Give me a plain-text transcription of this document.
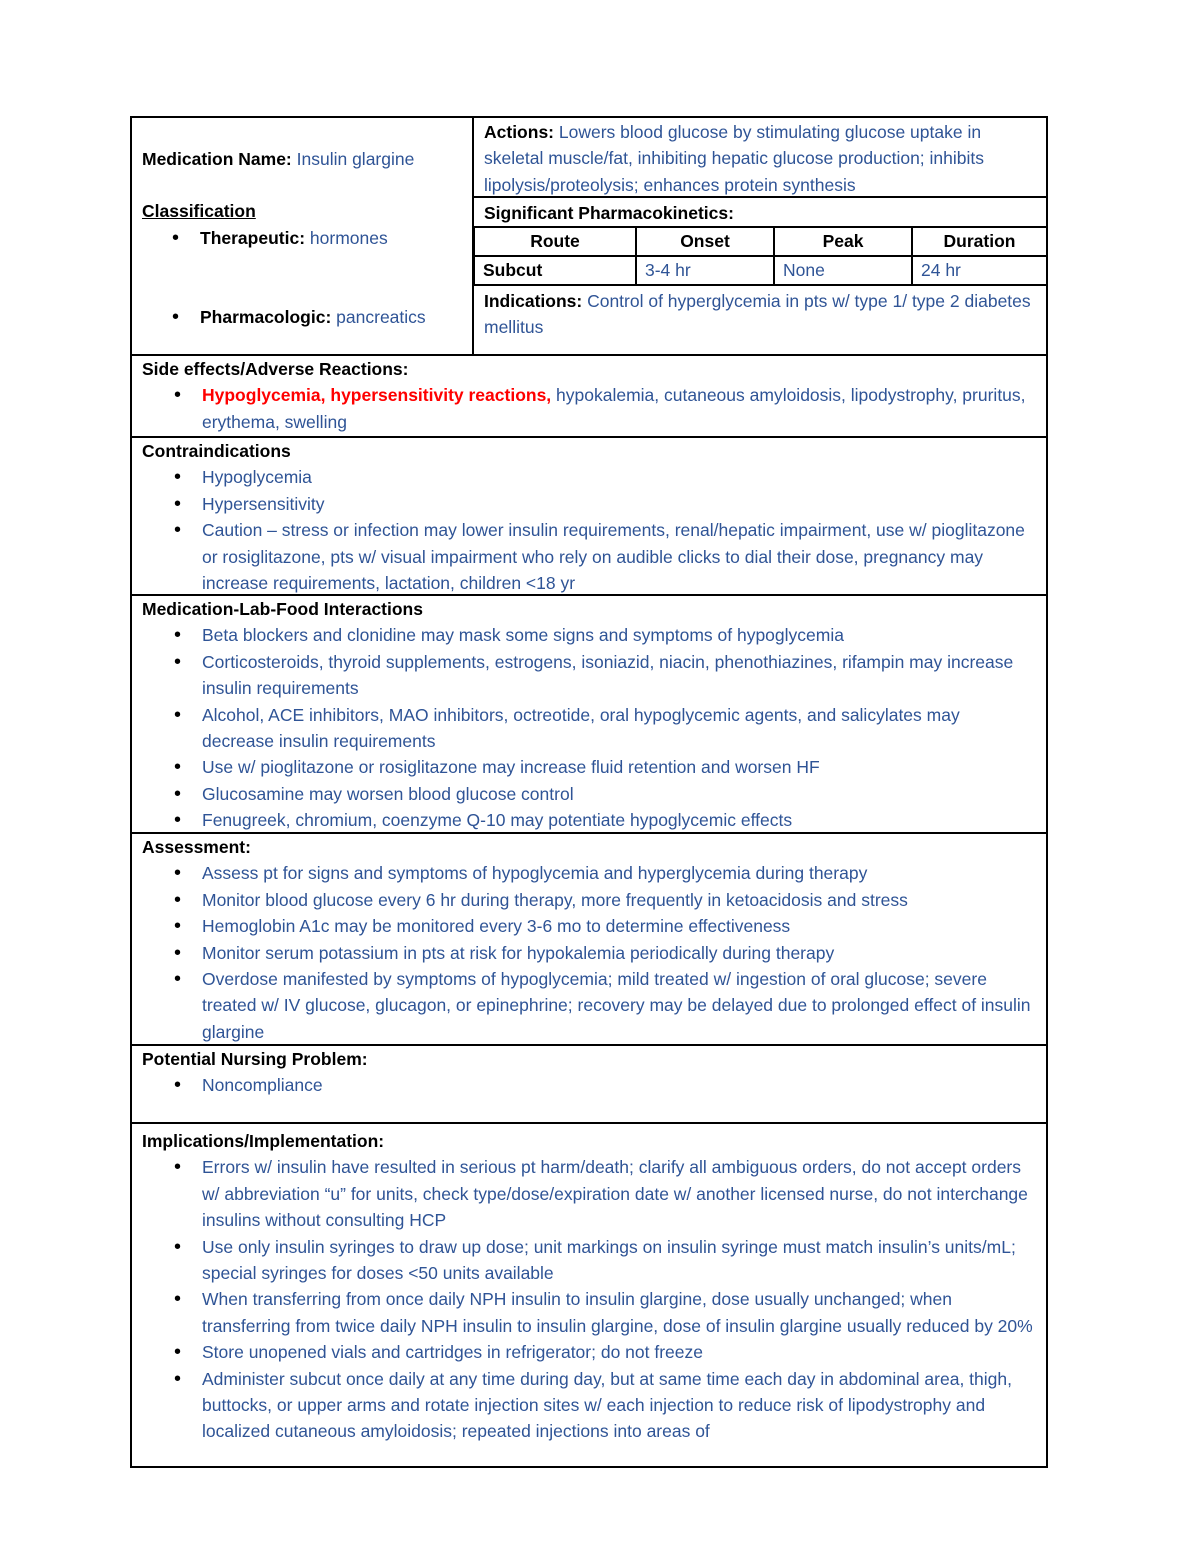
Medication Name: Insulin glargine
Classification
• Therapeutic: hormones
• Pharmacologic: pancreatics
Actions: Lowers blood glucose by stimulating glucose uptake in skeletal muscle/fat, inhibiting hepatic glucose production; inhibits lipolysis/proteolysis; enhances protein synthesis
Significant Pharmacokinetics:
Route	Onset	Peak	Duration
Subcut	3-4 hr	None	24 hr
Indications: Control of hyperglycemia in pts w/ type 1/ type 2 diabetes mellitus
Side effects/Adverse Reactions:
• Hypoglycemia, hypersensitivity reactions, hypokalemia, cutaneous amyloidosis, lipodystrophy, pruritus, erythema, swelling
Contraindications
• Hypoglycemia
• Hypersensitivity
• Caution – stress or infection may lower insulin requirements, renal/hepatic impairment, use w/ pioglitazone or rosiglitazone, pts w/ visual impairment who rely on audible clicks to dial their dose, pregnancy may increase requirements, lactation, children <18 yr
Medication-Lab-Food Interactions
• Beta blockers and clonidine may mask some signs and symptoms of hypoglycemia
• Corticosteroids, thyroid supplements, estrogens, isoniazid, niacin, phenothiazines, rifampin may increase insulin requirements
• Alcohol, ACE inhibitors, MAO inhibitors, octreotide, oral hypoglycemic agents, and salicylates may decrease insulin requirements
• Use w/ pioglitazone or rosiglitazone may increase fluid retention and worsen HF
• Glucosamine may worsen blood glucose control
• Fenugreek, chromium, coenzyme Q-10 may potentiate hypoglycemic effects
Assessment:
• Assess pt for signs and symptoms of hypoglycemia and hyperglycemia during therapy
• Monitor blood glucose every 6 hr during therapy, more frequently in ketoacidosis and stress
• Hemoglobin A1c may be monitored every 3-6 mo to determine effectiveness
• Monitor serum potassium in pts at risk for hypokalemia periodically during therapy
• Overdose manifested by symptoms of hypoglycemia; mild treated w/ ingestion of oral glucose; severe treated w/ IV glucose, glucagon, or epinephrine; recovery may be delayed due to prolonged effect of insulin glargine
Potential Nursing Problem:
• Noncompliance
Implications/Implementation:
• Errors w/ insulin have resulted in serious pt harm/death; clarify all ambiguous orders, do not accept orders w/ abbreviation “u” for units, check type/dose/expiration date w/ another licensed nurse, do not interchange insulins without consulting HCP
• Use only insulin syringes to draw up dose; unit markings on insulin syringe must match insulin’s units/mL; special syringes for doses <50 units available
• When transferring from once daily NPH insulin to insulin glargine, dose usually unchanged; when transferring from twice daily NPH insulin to insulin glargine, dose of insulin glargine usually reduced by 20%
• Store unopened vials and cartridges in refrigerator; do not freeze
• Administer subcut once daily at any time during day, but at same time each day in abdominal area, thigh, buttocks, or upper arms and rotate injection sites w/ each injection to reduce risk of lipodystrophy and localized cutaneous amyloidosis; repeated injections into areas of
